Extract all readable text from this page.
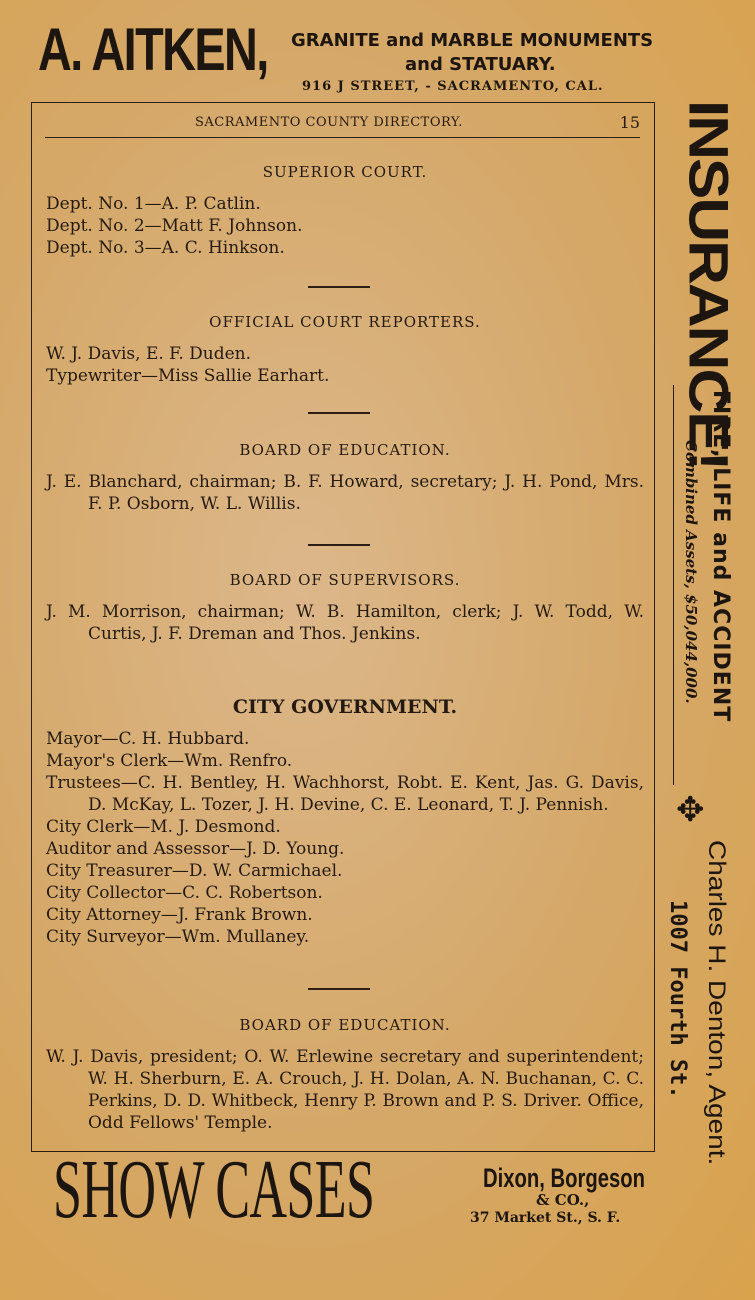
A. AITKEN, GRANITE and MARBLE MONUMENTS
and STATUARY.
916 J STREET, - SACRAMENTO, CAL.
SACRAMENTO COUNTY DIRECTORY.	15
SUPERIOR COURT.
Dept. No. 1—A. P. Catlin.
Dept. No. 2—Matt F. Johnson.
Dept. No. 3—A. C. Hinkson.
OFFICIAL COURT REPORTERS.
W. J. Davis, E. F. Duden.
Typewriter—Miss Sallie Earhart.
BOARD OF EDUCATION.
J. E. Blanchard, chairman; B. F. Howard, secretary; J. H. Pond, Mrs. F. P. Osborn, W. L. Willis.
BOARD OF SUPERVISORS.
J. M. Morrison, chairman; W. B. Hamilton, clerk; J. W. Todd, W. Curtis, J. F. Dreman and Thos. Jenkins.
CITY GOVERNMENT.
Mayor—C. H. Hubbard.
Mayor's Clerk—Wm. Renfro.
Trustees—C. H. Bentley, H. Wachhorst, Robt. E. Kent, Jas. G. Davis, D. McKay, L. Tozer, J. H. Devine, C. E. Leonard, T. J. Pennish.
City Clerk—M. J. Desmond.
Auditor and Assessor—J. D. Young.
City Treasurer—D. W. Carmichael.
City Collector—C. C. Robertson.
City Attorney—J. Frank Brown.
City Surveyor—Wm. Mullaney.
BOARD OF EDUCATION.
W. J. Davis, president; O. W. Erlewine secretary and superintendent; W. H. Sherburn, E. A. Crouch, J. H. Dolan, A. N. Buchanan, C. C. Perkins, D. D. Whitbeck, Henry P. Brown and P. S. Driver. Office, Odd Fellows' Temple.
INSURANCE!
FIRE, LIFE and ACCIDENT
Combined Assets, $50,044,000.
✥
Charles H. Denton, Agent.
1007 Fourth St.
SHOW CASES	Dixon, Borgeson
& CO.,
37 Market St., S. F.
